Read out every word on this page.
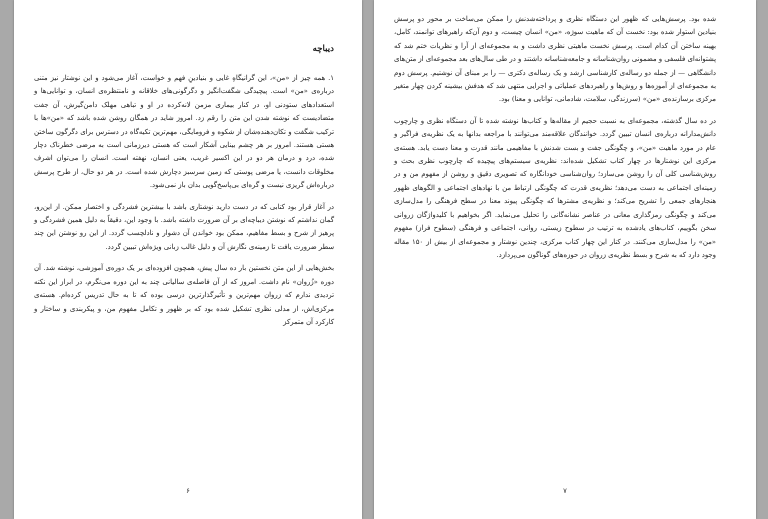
دیباچه

۱. همه چیز از «من»، این گرانیگاهِ غایی و بنیادینِ فهم و خواست، آغاز می‌شود و این نوشتار نیز متنی درباره‌ی «من» است. پیچیدگی شگفت‌انگیز و دگرگونی‌های خلاقانه و نامنتظره‌ی انسان، و توانایی‌ها و استعدادهای ستودنی او، در کنار بیماری مزمن لانه‌کرده در او و تباهی مهلک دامن‌گیرش، آن جفت متضادیست که نوشته شدن این متن را رقم زد. امروز شاید در همگان روشن شده باشد که «من»ها با ترکیب شگفت و تکان‌دهنده‌شان از شکوه و فرومایگی، مهم‌ترین تکیه‌گاه در دسترس برای دگرگون ساختن هستی هستند. امروز بر هر چشم بینایی آشکار است که هستی دیرزمانی است به مرضی خطرناک دچار شده، درد و درمان هر دو در این اکسیر غریب، یعنی انسان، نهفته است. انسان را می‌توان اشرف مخلوقات دانست، یا مرضی پوستی که زمین سرسبز دچارش شده است. در هر دو حال، از طرح پرسش درباره‌اش گریزی نیست و گره‌ای بی‌پاسخ‌گویی بدان باز نمی‌شود.

در آغاز قرار بود کتابی که در دست دارید نوشتاری باشد با بیشترین فشردگی و اختصار ممکن. از این‌رو، گمان نداشتم که نوشتن دیباچه‌ای بر آن ضرورت داشته باشد. با وجود این، دقیقاً به دلیل همین فشردگی و پرهیز از شرح و بسط مفاهیم، ممکن بود خواندن آن دشوار و نادلچسب گردد. از این رو نوشتن این چند سطر ضرورت یافت تا زمینه‌ی نگارش آن و دلیل غالب زبانی ویژه‌اش تبیین گردد.

بخش‌هایی از این متن نخستین بار ده سال پیش، همچون افزوده‌ای بر یک دوره‌ی آموزشی، نوشته شد. آن دوره «زُروان» نام داشت. امروز که از آن فاصله‌ی سالیانی چند به این دوره می‌نگرم، در ابراز این نکته تردیدی ندارم که زروان مهم‌ترین و تأثیرگذارترین درسی بوده که تا به حال تدریس کرده‌ام. هسته‌ی مرکزی‌اش، از مدلی نظری تشکیل شده بود که بر ظهور و تکامل مفهوم من، و پیکربندی و ساختار و کارکرد آن متمرکز

۶

شده بود. پرسش‌هایی که ظهور این دستگاه نظری و پرداخته‌شدنش را ممکن می‌ساخت بر محور دو پرسش بنیادین استوار شده بود: نخست آن که ماهیت سوژه، «من» انسان چیست، و دوم آن‌که راهبرهای توانمند، کامل، بهینه ساختن آن کدام است. پرسش نخست ماهیتی نظری داشت و به مجموعه‌ای از آرا و نظریات ختم شد که پشتوانه‌ای فلسفی و مضمونی روان‌شناسانه و جامعه‌شناسانه داشتند و در طی سال‌های بعد مجموعه‌ای از متن‌های دانشگاهی — از جمله دو رساله‌ی کارشناسی ارشد و یک رساله‌ی دکتری — را بر مبنای آن نوشتیم. پرسش دوم به مجموعه‌ای از آموزه‌ها و روش‌ها و راهبردهای عملیاتی و اجرایی منتهی شد که هدفش بیشینه کردن چهار متغیر مرکزی برسازنده‌ی «من» (سرزندگی، سلامت، شادمانی، توانایی و معنا) بود.

در ده سال گذشته، مجموعه‌ای به نسبت حجیم از مقاله‌ها و کتاب‌ها نوشته شده تا آن دستگاه نظری و چارچوب دانش‌مدارانه درباره‌ی انسان تبیین گردد. خوانندگان علاقه‌مند می‌توانند با مراجعه بدانها به یک نظریه‌ی فراگیر و عام در مورد ماهیت «من»، و چگونگی جفت و بست شدنش با مفاهیمی مانند قدرت و معنا دست یابد. هسته‌ی مرکزی این نوشتارها در چهار کتاب تشکیل شده‌اند: نظریه‌ی سیستم‌های پیچیده که چارچوب نظری بحث و روش‌شناسی کلی آن را روشن می‌سازد؛ روان‌شناسی خودانگاره که تصویری دقیق و روشن از مفهوم من و در زمینه‌ای اجتماعی به دست می‌دهد؛ نظریه‌ی قدرت که چگونگی ارتباط من با نهادهای اجتماعی و الگوهای ظهور هنجارهای جمعی را تشریح می‌کند؛ و نظریه‌ی مشترها که چگونگی پیوند معنا در سطح فرهنگی را مدل‌سازی می‌کند و چگونگی رمزگذاری معانی در عناصر نشانه‌گانی را تحلیل می‌نماید. اگر بخواهیم با کلیدواژگان زروانی سخن بگوییم، کتاب‌های یادشده به ترتیب در سطوح زیستی، روانی، اجتماعی و فرهنگی (سطوح فراز) مفهوم «من» را مدل‌سازی می‌کنند. در کنار این چهار کتاب مرکزی، چندین نوشتار و مجموعه‌ای از بیش از ۱۵۰ مقاله وجود دارد که به شرح و بسط نظریه‌ی زروان در حوزه‌های گوناگون می‌پردازد.

۷
